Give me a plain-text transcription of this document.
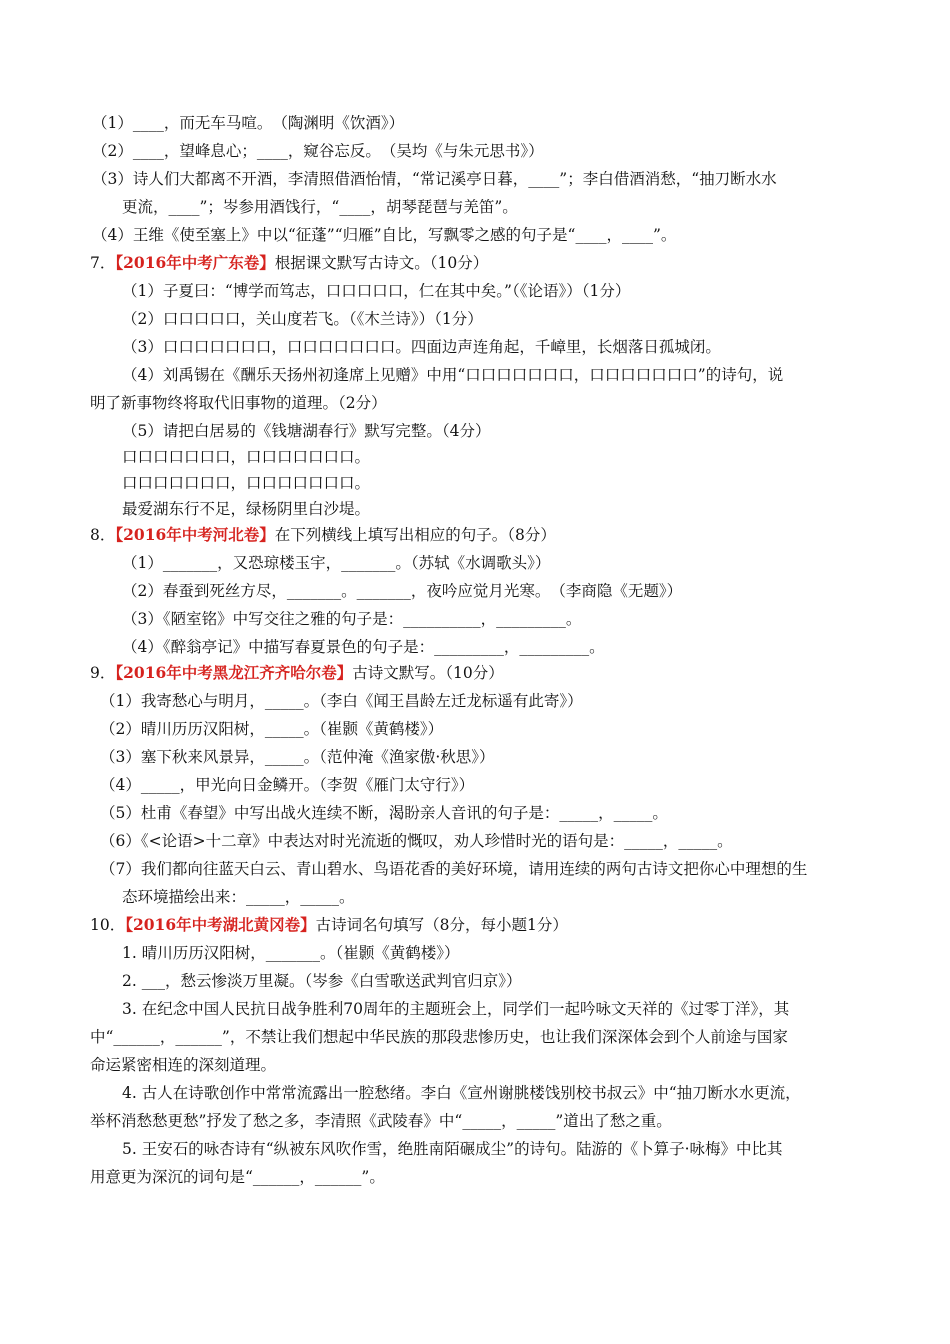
（1）____，而无车马喧。　（陶渊明《饮酒》）
（2）____，望峰息心；____，窥谷忘反。　（吴均《与朱元思书》）
（3）诗人们大都离不开酒，李清照借酒怡情，“常记溪亭日暮，____”；李白借酒消愁，“抽刀断水水
更流，____”；岑参用酒饯行，“____，胡琴琵琶与羌笛”。
（4）王维《使至塞上》中以“征蓬”“归雁”自比，写飘零之感的句子是“____，____”。
7．【2016年中考广东卷】根据课文默写古诗文。（10分）
（1）子夏曰：“博学而笃志，口口口口口，仁在其中矣。”（《论语》）（1分）
（2）口口口口口，关山度若飞。（《木兰诗》）（1分）
（3）口口口口口口口，口口口口口口口。四面边声连角起，千嶂里，长烟落日孤城闭。
（4）刘禹锡在《酬乐天扬州初逢席上见赠》中用“口口口口口口口，口口口口口口口”的诗句，说
明了新事物终将取代旧事物的道理。（2分）
（5）请把白居易的《钱塘湖春行》默写完整。（4分）
口口口口口口口，口口口口口口口。
口口口口口口口，口口口口口口口。
最爱湖东行不足，绿杨阴里白沙堤。
8．【2016年中考河北卷】在下列横线上填写出相应的句子。（8分）
（1）_______，又恐琼楼玉宇，_______。（苏轼《水调歌头》）
（2）春蚕到死丝方尽，_______。_______，夜吟应觉月光寒。　（李商隐《无题》）
（3）《陋室铭》中写交往之雅的句子是：__________，_________。
（4）《醉翁亭记》中描写春夏景色的句子是：_________，_________。
9．【2016年中考黑龙江齐齐哈尔卷】古诗文默写。（10分）
（1）我寄愁心与明月，_____。（李白《闻王昌龄左迁龙标遥有此寄》）
（2）晴川历历汉阳树，_____。（崔颢《黄鹤楼》）
（3）塞下秋来风景异，_____。（范仲淹《渔家傲·秋思》）
（4）_____，甲光向日金鳞开。（李贺《雁门太守行》）
（5）杜甫《春望》中写出战火连续不断，渴盼亲人音讯的句子是：_____，_____。
（6）《<论语>十二章》中表达对时光流逝的慨叹，劝人珍惜时光的语句是：_____，_____。
（7）我们都向往蓝天白云、青山碧水、鸟语花香的美好环境，请用连续的两句古诗文把你心中理想的生
态环境描绘出来：_____，_____。
10．【2016年中考湖北黄冈卷】古诗词名句填写（8分，每小题1分）
1. 晴川历历汉阳树，_______。（崔颢《黄鹤楼》）
2. ___，愁云惨淡万里凝。（岑参《白雪歌送武判官归京》）
3. 在纪念中国人民抗日战争胜利70周年的主题班会上，同学们一起吟咏文天祥的《过零丁洋》，其
中“______，______”，不禁让我们想起中华民族的那段悲惨历史，也让我们深深体会到个人前途与国家
命运紧密相连的深刻道理。
4. 古人在诗歌创作中常常流露出一腔愁绪。李白《宣州谢朓楼饯别校书叔云》中“抽刀断水水更流，
举杯消愁愁更愁”抒发了愁之多，李清照《武陵春》中“_____，_____”道出了愁之重。
5. 王安石的咏杏诗有“纵被东风吹作雪，绝胜南陌碾成尘”的诗句。陆游的《卜算子·咏梅》中比其
用意更为深沉的词句是“______，______”。
